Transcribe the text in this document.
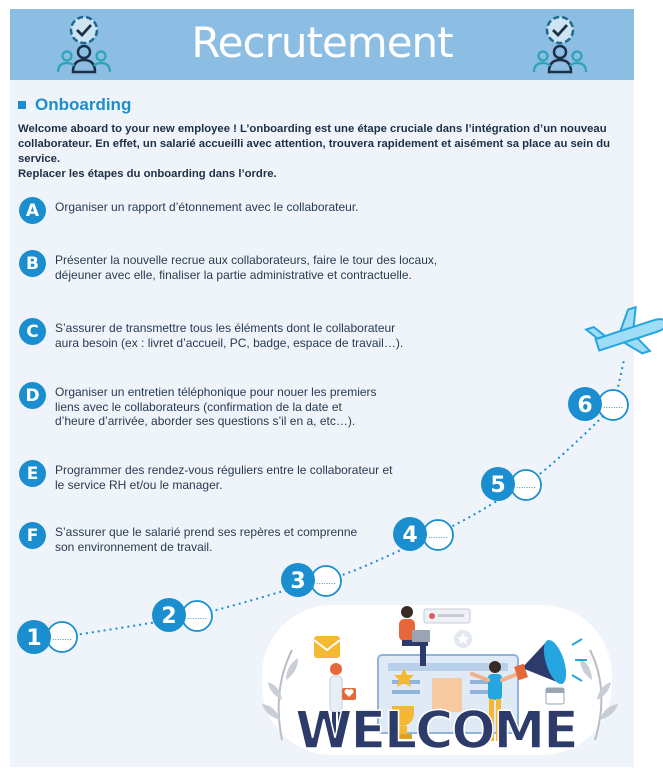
Recrutement
Onboarding

Welcome aboard to your new employee ! L’onboarding est une étape cruciale dans l’intégration d’un nouveau collaborateur. En effet, un salarié accueilli avec attention, trouvera rapidement et aisément sa place au sein du service.

Replacer les étapes du onboarding dans l’ordre.

A	Organiser un rapport d’étonnement avec le collaborateur.
B	Présenter la nouvelle recrue aux collaborateurs, faire le tour des locaux, déjeuner avec elle, finaliser la partie administrative et contractuelle.
C	S’assurer de transmettre tous les éléments dont le collaborateur aura besoin (ex : livret d’accueil, PC, badge, espace de travail…).
D	Organiser un entretien téléphonique pour nouer les premiers liens avec le collaborateurs (confirmation de la date et d’heure d’arrivée, aborder ses questions s’il en a, etc…).
E	Programmer des rendez-vous réguliers entre le collaborateur et le service RH et/ou le manager.
F	S’assurer que le salarié prend ses repères et comprenne son environnement de travail.
1 ........
2 ........
3 ........
4 ........
5 ........
6 ........
WELCOME
